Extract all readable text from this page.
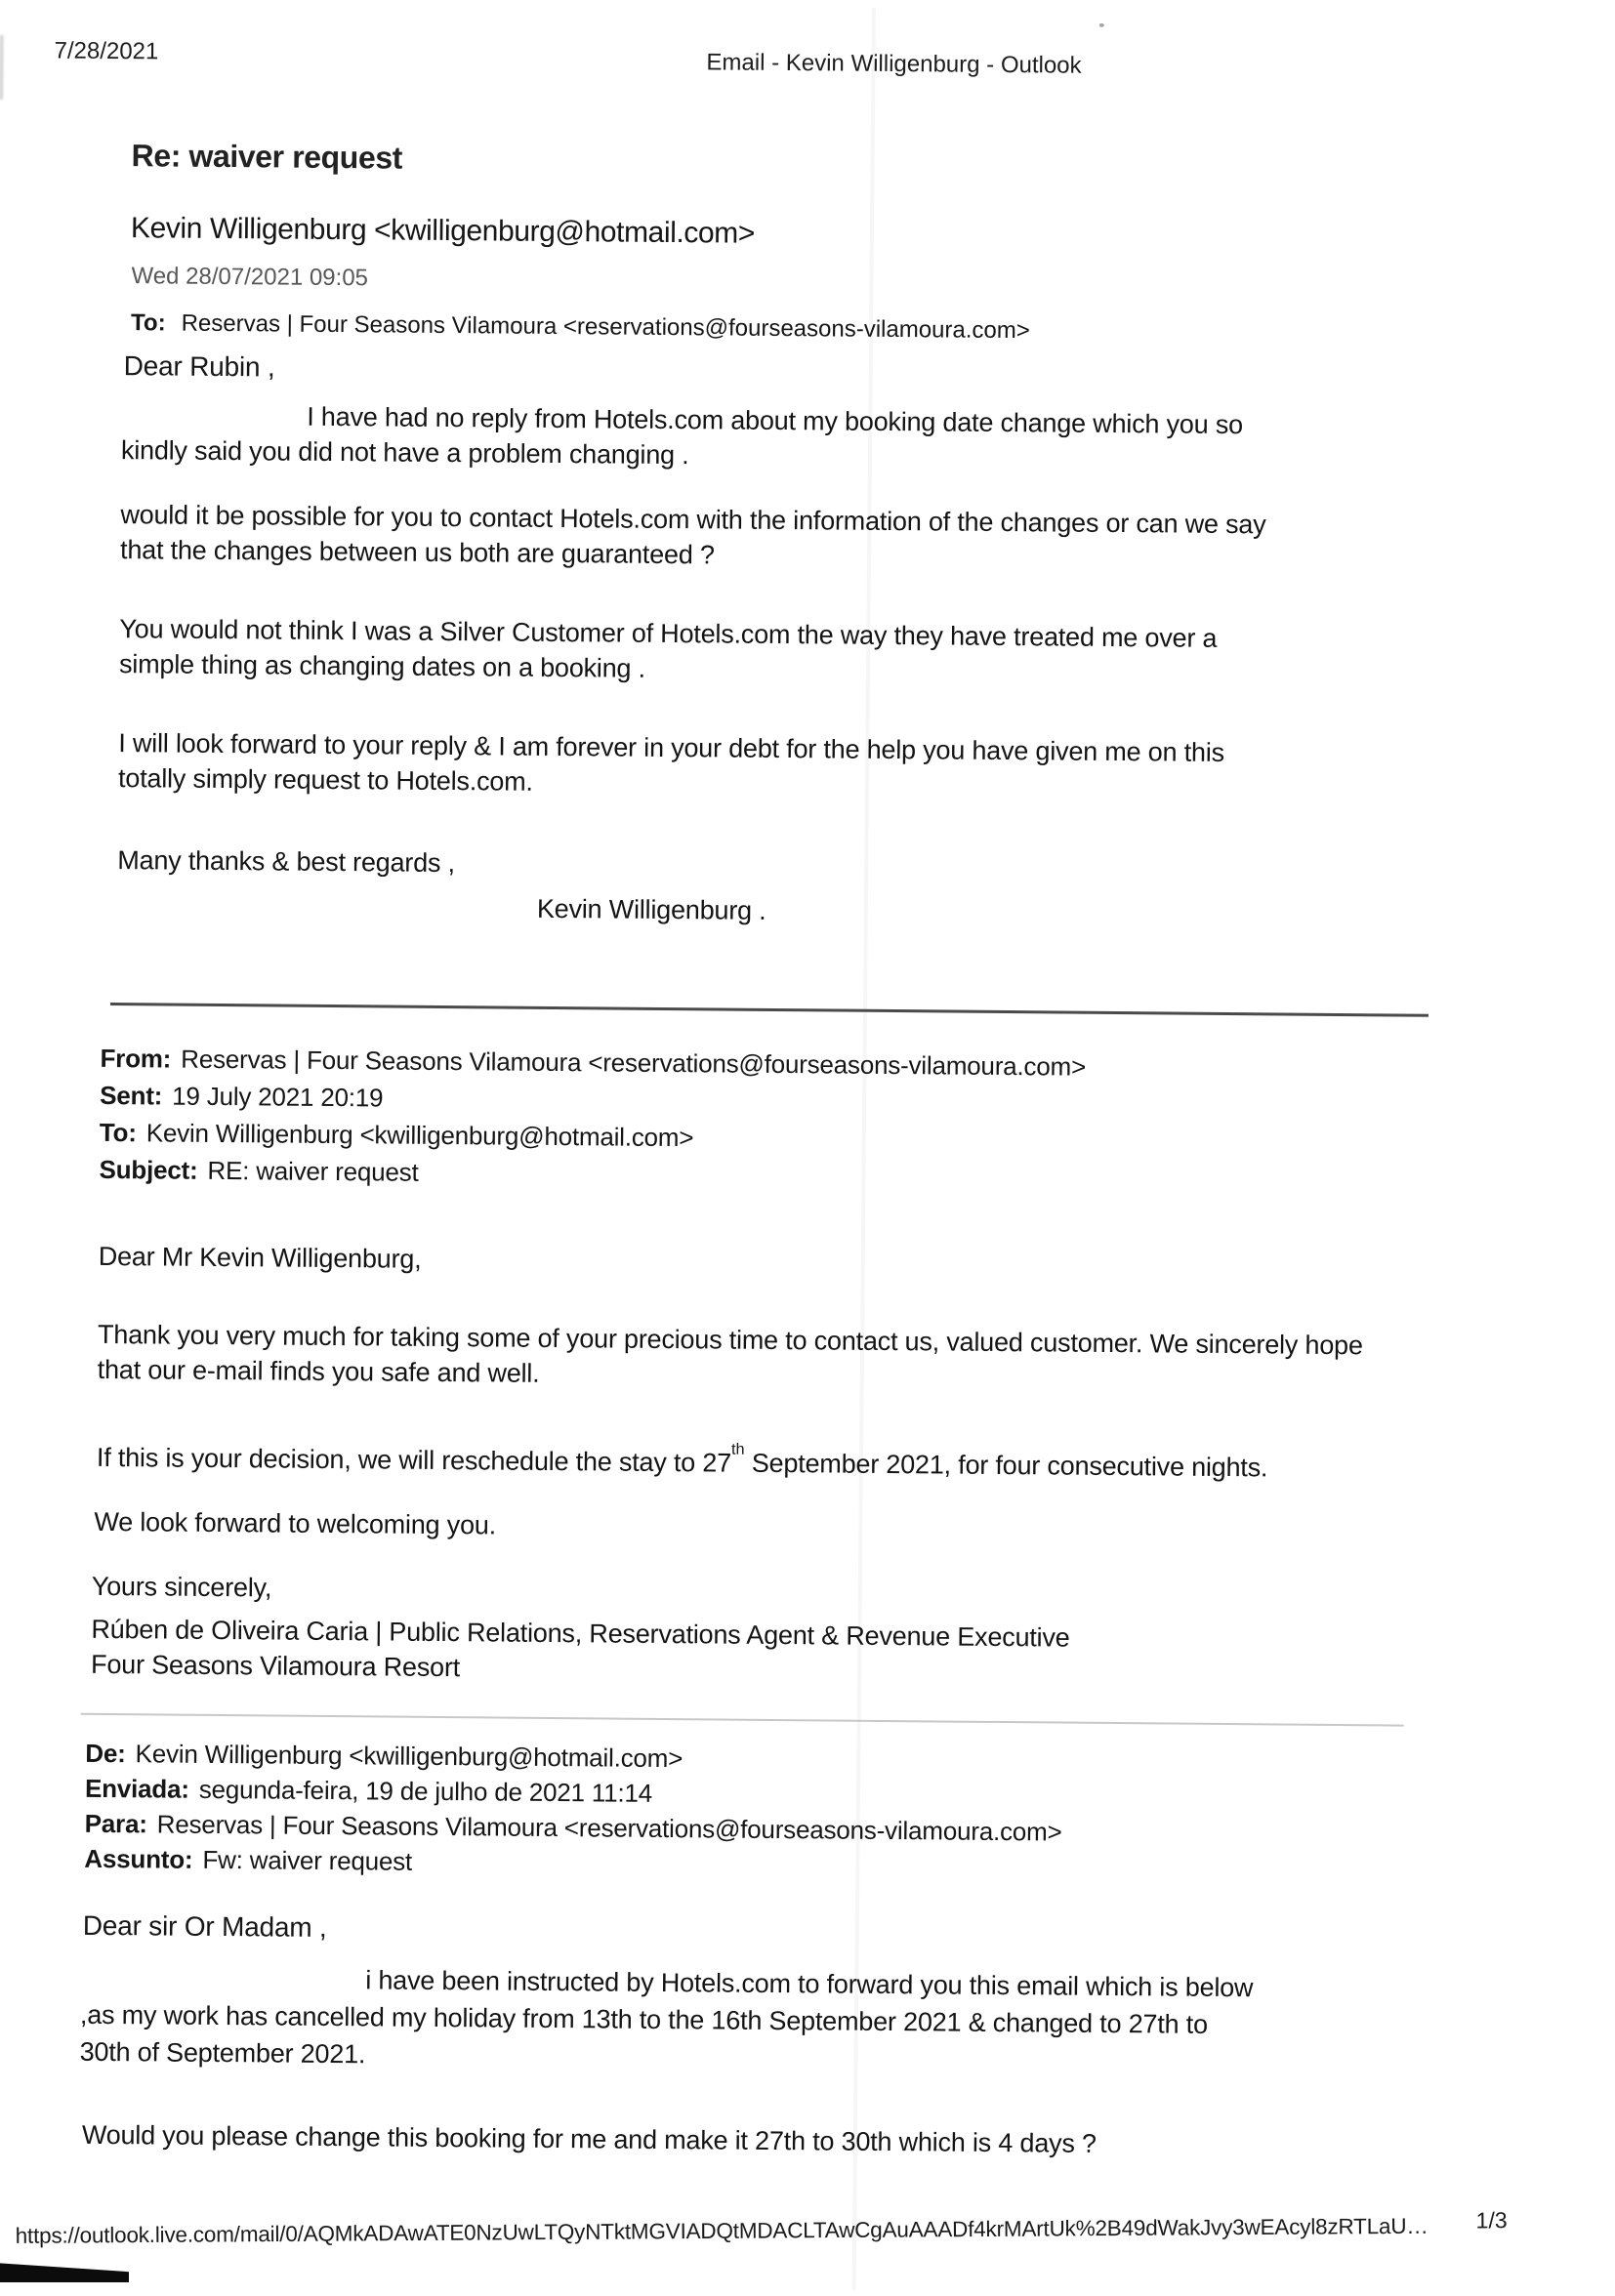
7/28/2021	Email - Kevin Willigenburg - Outlook
Re: waiver request
Kevin Willigenburg <kwilligenburg@hotmail.com>
Wed 28/07/2021 09:05
To: Reservas | Four Seasons Vilamoura <reservations@fourseasons-vilamoura.com>
Dear Rubin ,
I have had no reply from Hotels.com about my booking date change which you so
kindly said you did not have a problem changing .
would it be possible for you to contact Hotels.com with the information of the changes or can we say
that the changes between us both are guaranteed ?
You would not think I was a Silver Customer of Hotels.com the way they have treated me over a
simple thing as changing dates on a booking .
I will look forward to your reply & I am forever in your debt for the help you have given me on this
totally simply request to Hotels.com.
Many thanks & best regards ,
Kevin Willigenburg .
From: Reservas | Four Seasons Vilamoura <reservations@fourseasons-vilamoura.com>
Sent: 19 July 2021 20:19
To: Kevin Willigenburg <kwilligenburg@hotmail.com>
Subject: RE: waiver request
Dear Mr Kevin Willigenburg,
Thank you very much for taking some of your precious time to contact us, valued customer. We sincerely hope
that our e-mail finds you safe and well.
If this is your decision, we will reschedule the stay to 27th September 2021, for four consecutive nights.
We look forward to welcoming you.
Yours sincerely,
Rúben de Oliveira Caria | Public Relations, Reservations Agent & Revenue Executive
Four Seasons Vilamoura Resort
De: Kevin Willigenburg <kwilligenburg@hotmail.com>
Enviada: segunda-feira, 19 de julho de 2021 11:14
Para: Reservas | Four Seasons Vilamoura <reservations@fourseasons-vilamoura.com>
Assunto: Fw: waiver request
Dear sir Or Madam ,
i have been instructed by Hotels.com to forward you this email which is below
,as my work has cancelled my holiday from 13th to the 16th September 2021 & changed to 27th to
30th of September 2021.
Would you please change this booking for me and make it 27th to 30th which is 4 days ?
https://outlook.live.com/mail/0/AQMkADAwATE0NzUwLTQyNTktMGVIADQtMDACLTAwCgAuAAADf4krMArtUk%2B49dWakJvy3wEAcyl8zRTLaU… 1/3
